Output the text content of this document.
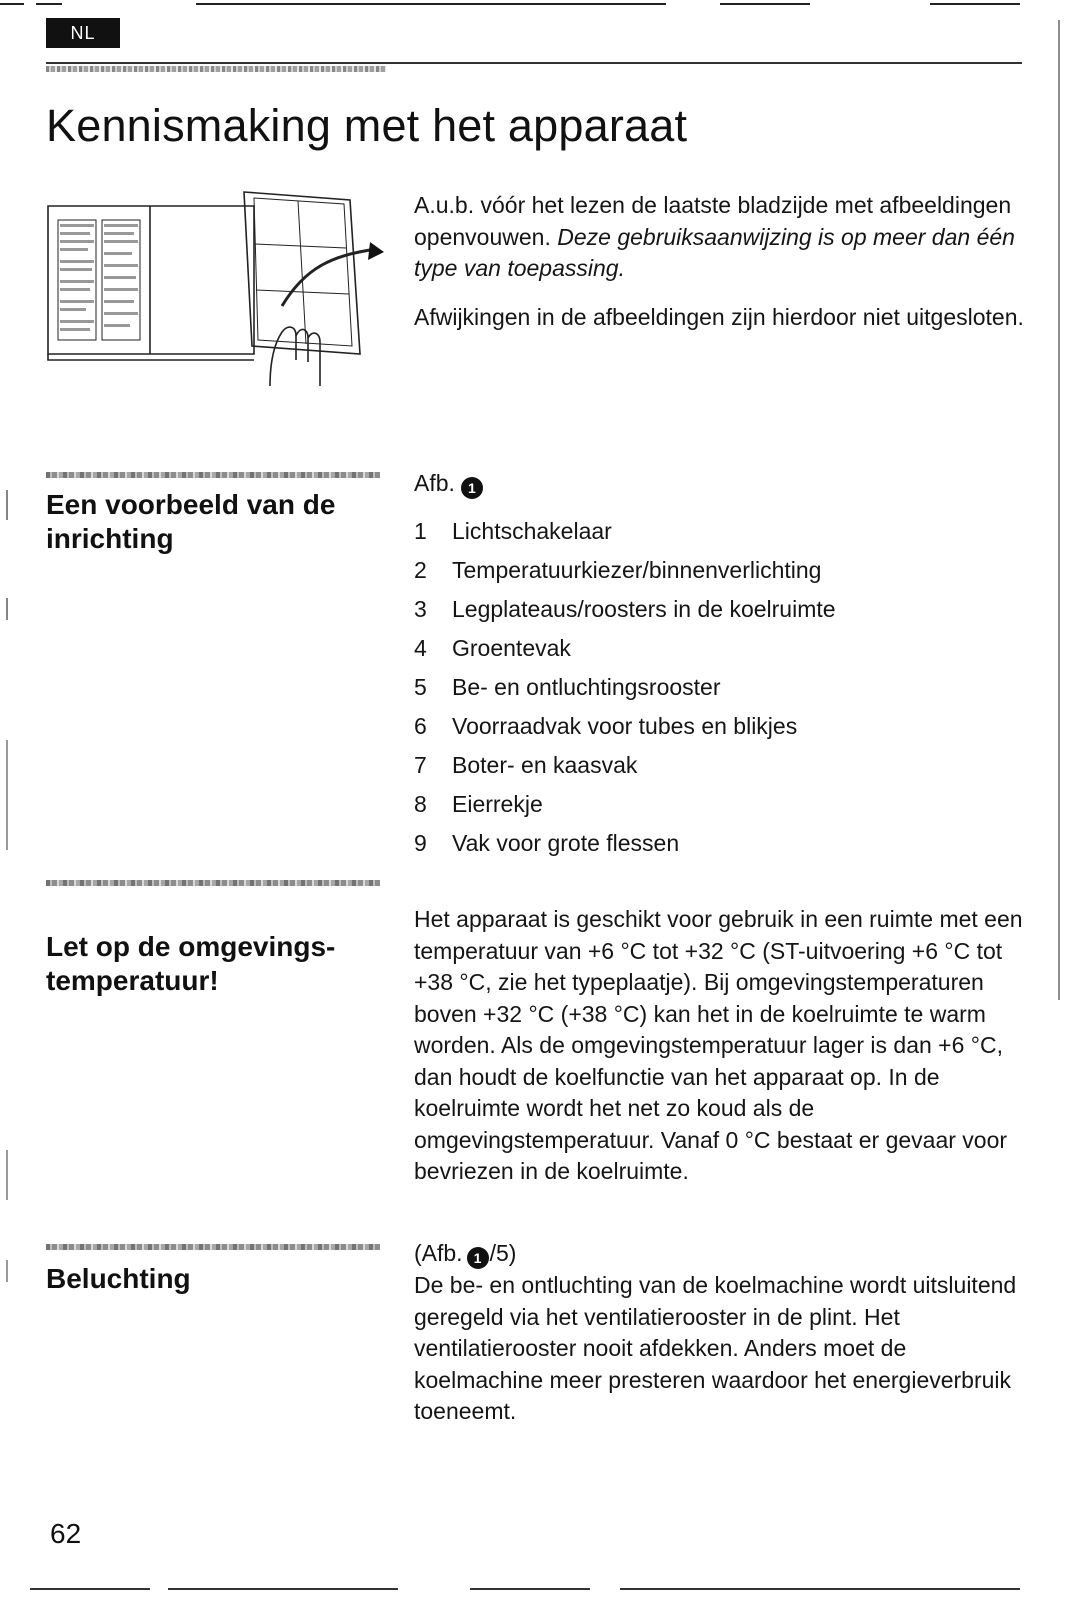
NL
Kennismaking met het apparaat

A.u.b. vóór het lezen de laatste bladzijde met afbeeldingen openvouwen. Deze gebruiksaanwijzing is op meer dan één type van toepassing.

Afwijkingen in de afbeeldingen zijn hierdoor niet uitgesloten.

Een voorbeeld van de inrichting
Afb. 1
1 Lichtschakelaar
2 Temperatuurkiezer/binnenverlichting
3 Legplateaus/roosters in de koelruimte
4 Groentevak
5 Be- en ontluchtingsrooster
6 Voorraadvak voor tubes en blikjes
7 Boter- en kaasvak
8 Eierrekje
9 Vak voor grote flessen
Let op de omgevings-temperatuur!

Het apparaat is geschikt voor gebruik in een ruimte met een temperatuur van +6 °C tot +32 °C (ST-uitvoering +6 °C tot +38 °C, zie het typeplaatje). Bij omgevingstemperaturen boven +32 °C (+38 °C) kan het in de koelruimte te warm worden. Als de omgevingstemperatuur lager is dan +6 °C, dan houdt de koelfunctie van het apparaat op. In de koelruimte wordt het net zo koud als de omgevingstemperatuur. Vanaf 0 °C bestaat er gevaar voor bevriezen in de koelruimte.

Beluchting
(Afb. 1 /5)

De be- en ontluchting van de koelmachine wordt uitsluitend geregeld via het ventilatierooster in de plint. Het ventilatierooster nooit afdekken. Anders moet de koelmachine meer presteren waardoor het energieverbruik toeneemt.

62
